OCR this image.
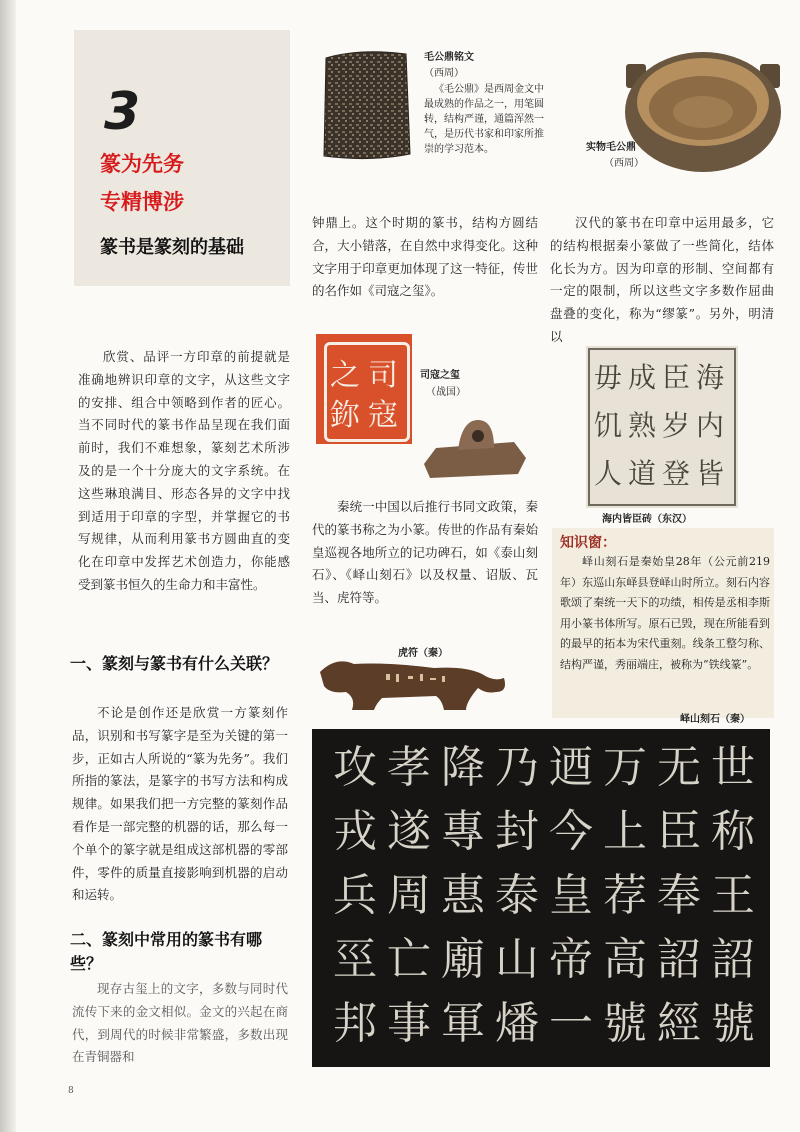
3
篆为先务
专精博涉
篆书是篆刻的基础

欣赏、品评一方印章的前提就是准确地辨识印章的文字，从这些文字的安排、组合中领略到作者的匠心。当不同时代的篆书作品呈现在我们面前时，我们不难想象，篆刻艺术所涉及的是一个十分庞大的文字系统。在这些琳琅满目、形态各异的文字中找到适用于印章的字型，并掌握它的书写规律，从而利用篆书方圆曲直的变化在印章中发挥艺术创造力，你能感受到篆书恒久的生命力和丰富性。

一、篆刻与篆书有什么关联？

不论是创作还是欣赏一方篆刻作品，识别和书写篆字是至为关键的第一步，正如古人所说的“篆为先务”。我们所指的篆法，是篆字的书写方法和构成规律。如果我们把一方完整的篆刻作品看作是一部完整的机器的话，那么每一个单个的篆字就是组成这部机器的零部件，零件的质量直接影响到机器的启动和运转。

二、篆刻中常用的篆书有哪些？

现存古玺上的文字，多数与同时代流传下来的金文相似。金文的兴起在商代，到周代的时候非常繁盛，多数出现在青铜器和

8
毛公鼎铭文
（西周）
《毛公鼎》是西周金文中最成熟的作品之一，用笔圆转，结构严谨，通篇浑然一气，是历代书家和印家所推崇的学习范本。	实物毛公鼎
（西周）

钟鼎上。这个时期的篆书，结构方圆结合，大小错落，在自然中求得变化。这种文字用于印章更加体现了这一特征，传世的名作如《司寇之玺》。

司
寇
之
鉨
司寇之玺
（战国）

秦统一中国以后推行书同文政策，秦代的篆书称之为小篆。传世的作品有秦始皇巡视各地所立的记功碑石，如《泰山刻石》、《峄山刻石》以及权量、诏版、瓦当、虎符等。

虎符（秦）

汉代的篆书在印章中运用最多，它的结构根据秦小篆做了一些简化，结体化长为方。因为印章的形制、空间都有一定的限制，所以这些文字多数作屈曲盘叠的变化，称为“缪篆”。另外，明清以

海
内
皆
臣
岁
登
成
熟
道
毋
饥
人
海内皆臣砖（东汉）
知识窗：

峄山刻石是秦始皇28年（公元前219年）东巡山东峄县登峄山时所立。刻石内容歌颂了秦统一天下的功绩，相传是丞相李斯用小篆书体所写。原石已毁，现在所能看到的最早的拓本为宋代重刻。线条工整匀称、结构严谨，秀丽端庄，被称为“铁线篆”。

峄山刻石（秦）
世
称
王
詔
號
无
臣
奉
詔
經
万
上
荐
高
號
迺
今
皇
帝
一
乃
封
泰
山
燔
降
專
惠
廟
軍
孝
遂
周
亡
事
攻
戎
兵
巠
邦
